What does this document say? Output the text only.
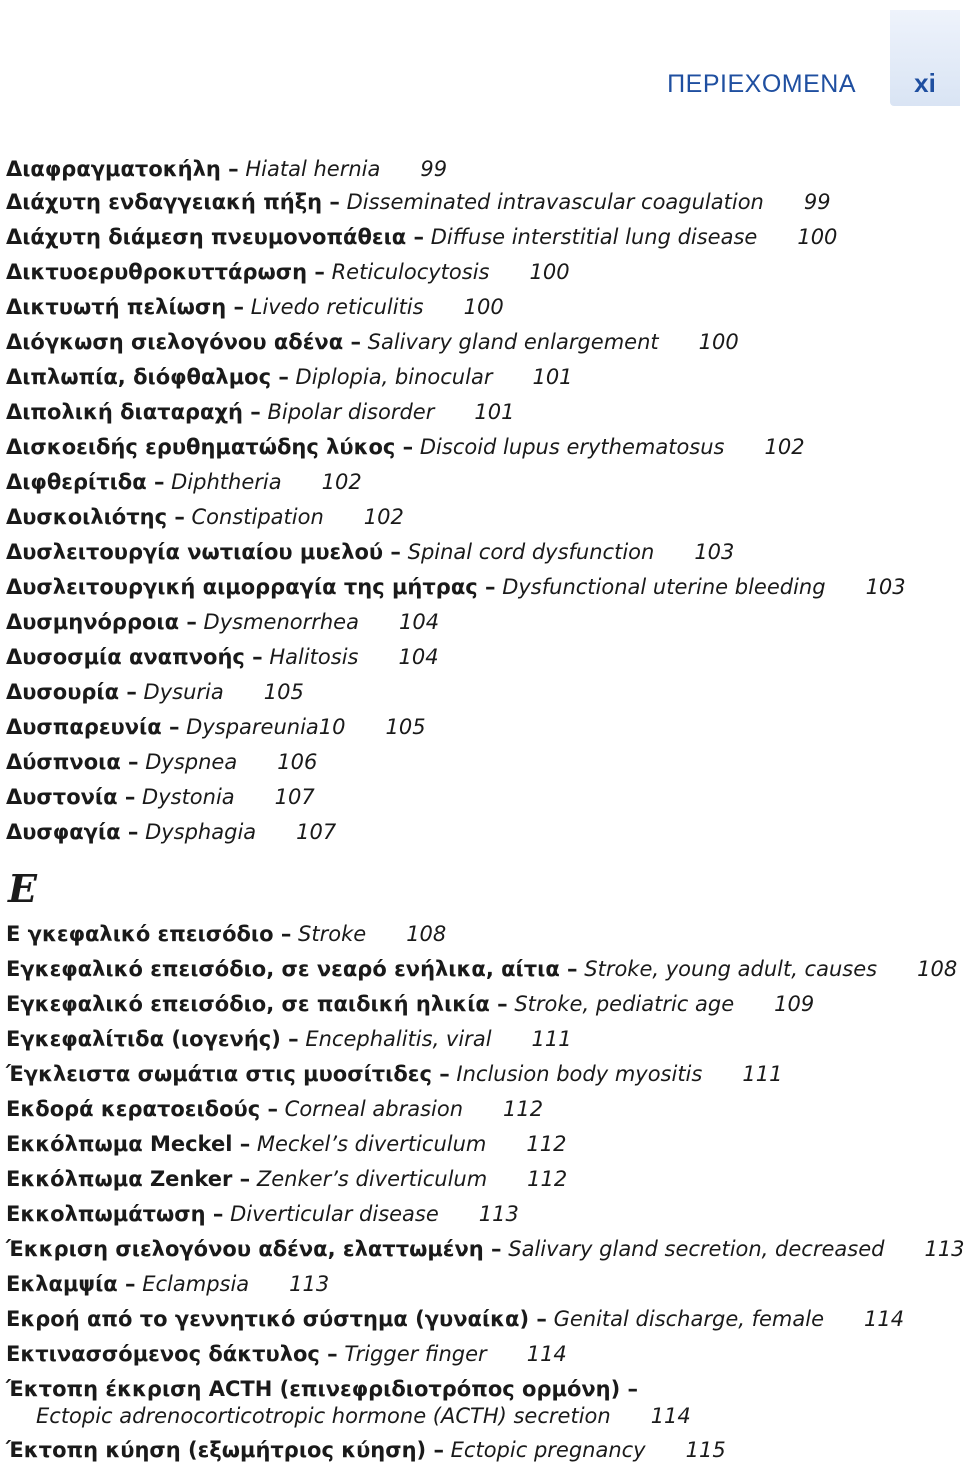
ΠΕΡΙΕΧΟΜΕΝΑ	xi
E
Διαφραγματοκήλη – Hiatal hernia 99
Διάχυτη ενδαγγειακή πήξη – Disseminated intravascular coagulation 99
Διάχυτη διάμεση πνευμονοπάθεια – Diffuse interstitial lung disease 100
Δικτυοερυθροκυττάρωση – Reticulocytosis 100
Δικτυωτή πελίωση – Livedo reticulitis 100
Διόγκωση σιελογόνου αδένα – Salivary gland enlargement 100
Διπλωπία, διόφθαλμος – Diplopia, binocular 101
Διπολική διαταραχή – Bipolar disorder 101
Δισκοειδής ερυθηματώδης λύκος – Discoid lupus erythematosus 102
Διφθερίτιδα – Diphtheria 102
Δυσκοιλιότης – Constipation 102
Δυσλειτουργία νωτιαίου μυελού – Spinal cord dysfunction 103
Δυσλειτουργική αιμορραγία της μήτρας – Dysfunctional uterine bleeding 103
Δυσμηνόρροια – Dysmenorrhea 104
Δυσοσμία αναπνοής – Halitosis 104
Δυσουρία – Dysuria 105
Δυσπαρευνία – Dyspareunia10 105
Δύσπνοια – Dyspnea 106
Δυστονία – Dystonia 107
Δυσφαγία – Dysphagia 107
Ε γκεφαλικό επεισόδιο – Stroke 108
Εγκεφαλικό επεισόδιο, σε νεαρό ενήλικα, αίτια – Stroke, young adult, causes 108
Εγκεφαλικό επεισόδιο, σε παιδική ηλικία – Stroke, pediatric age 109
Εγκεφαλίτιδα (ιογενής) – Encephalitis, viral 111
Έγκλειστα σωμάτια στις μυοσίτιδες – Inclusion body myositis 111
Εκδορά κερατοειδούς – Corneal abrasion 112
Εκκόλπωμα Meckel – Meckel’s diverticulum 112
Εκκόλπωμα Zenker – Zenker’s diverticulum 112
Εκκολπωμάτωση – Diverticular disease 113
Έκκριση σιελογόνου αδένα, ελαττωμένη – Salivary gland secretion, decreased 113
Εκλαμψία – Eclampsia 113
Εκροή από το γεννητικό σύστημα (γυναίκα) – Genital discharge, female 114
Εκτινασσόμενος δάκτυλος – Trigger finger 114
Έκτοπη έκκριση ACTH (επινεφριδιοτρόπος ορμόνη) –
Ectopic adrenocorticotropic hormone (ACTH) secretion 114
Έκτοπη κύηση (εξωμήτριος κύηση) – Ectopic pregnancy 115
